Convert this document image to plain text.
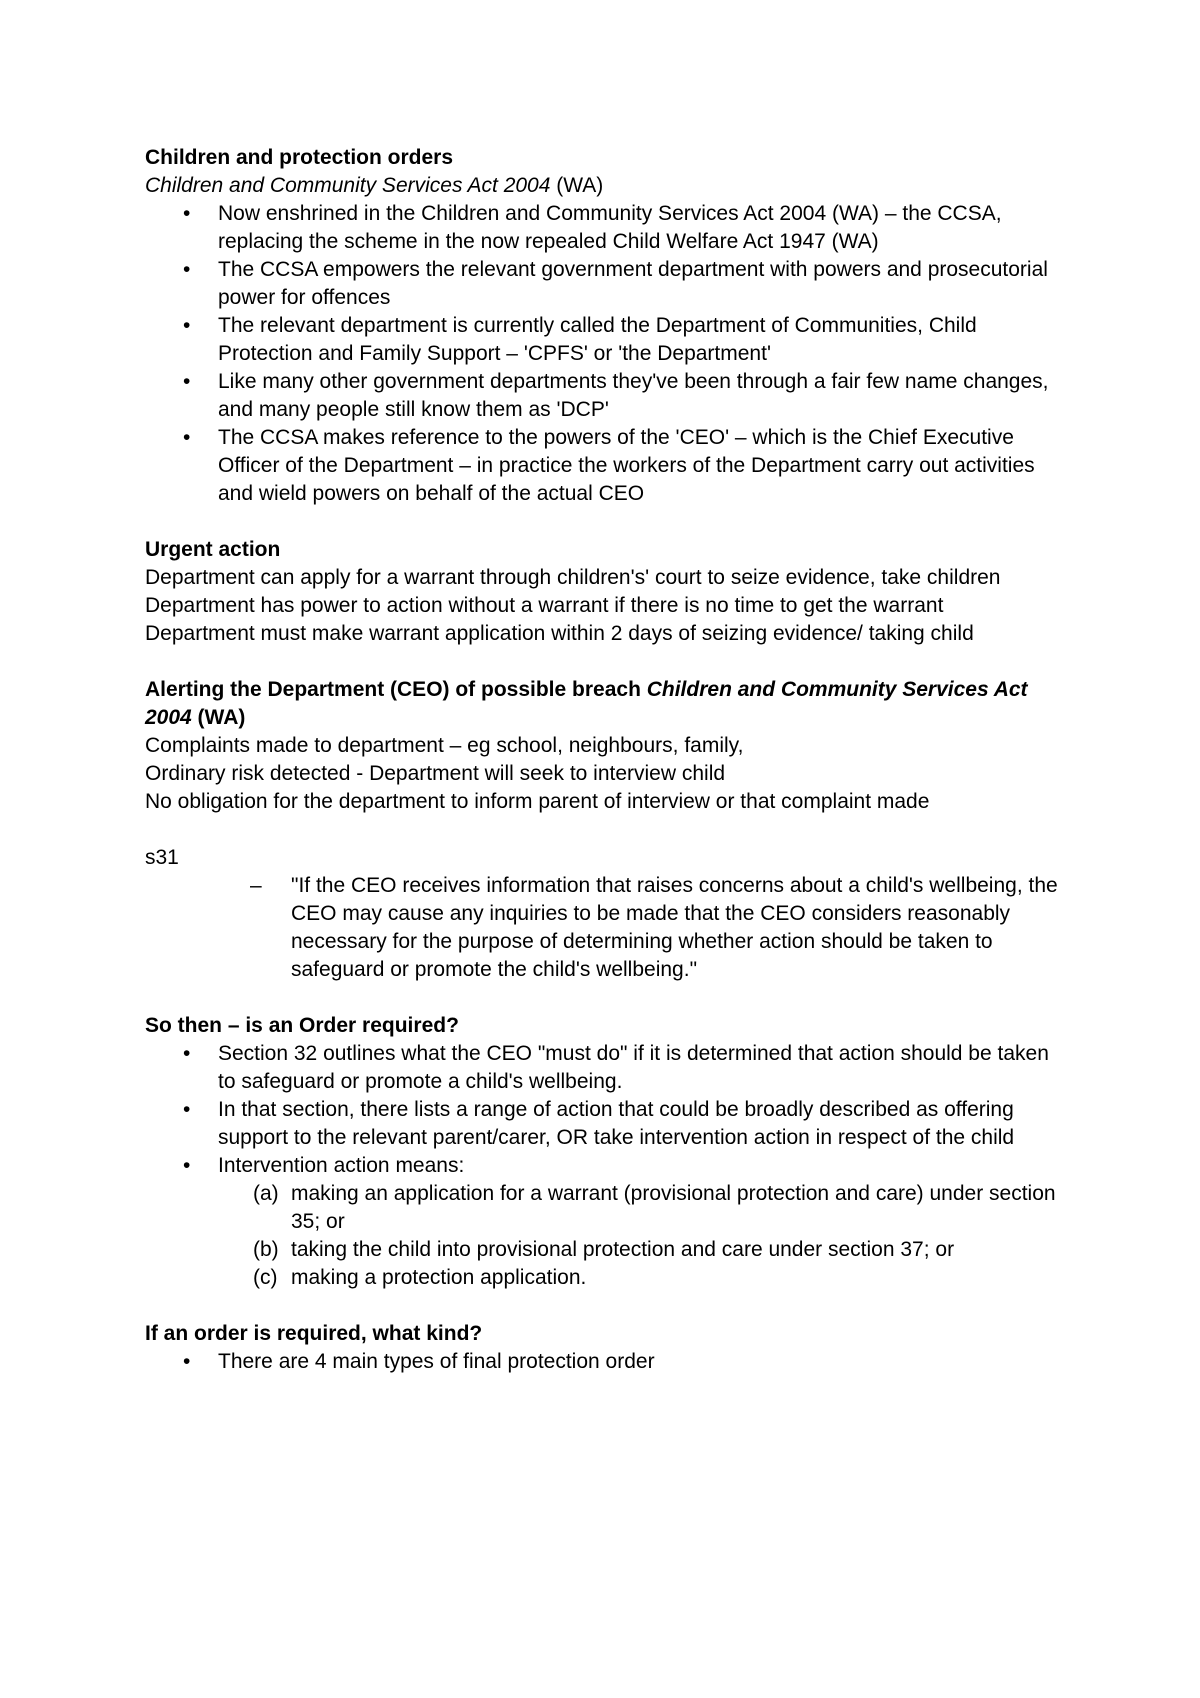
Children and protection orders

Children and Community Services Act 2004 (WA)

• Now enshrined in the Children and Community Services Act 2004 (WA) – the CCSA, replacing the scheme in the now repealed Child Welfare Act 1947 (WA)
• The CCSA empowers the relevant government department with powers and prosecutorial power for offences
• The relevant department is currently called the Department of Communities, Child Protection and Family Support – 'CPFS' or 'the Department'
• Like many other government departments they've been through a fair few name changes, and many people still know them as 'DCP'
• The CCSA makes reference to the powers of the 'CEO' – which is the Chief Executive Officer of the Department – in practice the workers of the Department carry out activities and wield powers on behalf of the actual CEO

Urgent action

Department can apply for a warrant through children's' court to seize evidence, take children

Department has power to action without a warrant if there is no time to get the warrant

Department must make warrant application within 2 days of seizing evidence/ taking child

Alerting the Department (CEO) of possible breach Children and Community Services Act 2004 (WA)

Complaints made to department – eg school, neighbours, family,

Ordinary risk detected - Department will seek to interview child

No obligation for the department to inform parent of interview or that complaint made

s31

– "If the CEO receives information that raises concerns about a child's wellbeing, the CEO may cause any inquiries to be made that the CEO considers reasonably necessary for the purpose of determining whether action should be taken to safeguard or promote the child's wellbeing."

So then – is an Order required?

• Section 32 outlines what the CEO "must do" if it is determined that action should be taken to safeguard or promote a child's wellbeing.
• In that section, there lists a range of action that could be broadly described as offering support to the relevant parent/carer, OR take intervention action in respect of the child
• Intervention action means:
(a) making an application for a warrant (provisional protection and care) under section 35; or
(b) taking the child into provisional protection and care under section 37; or
(c) making a protection application.

If an order is required, what kind?

• There are 4 main types of final protection order
